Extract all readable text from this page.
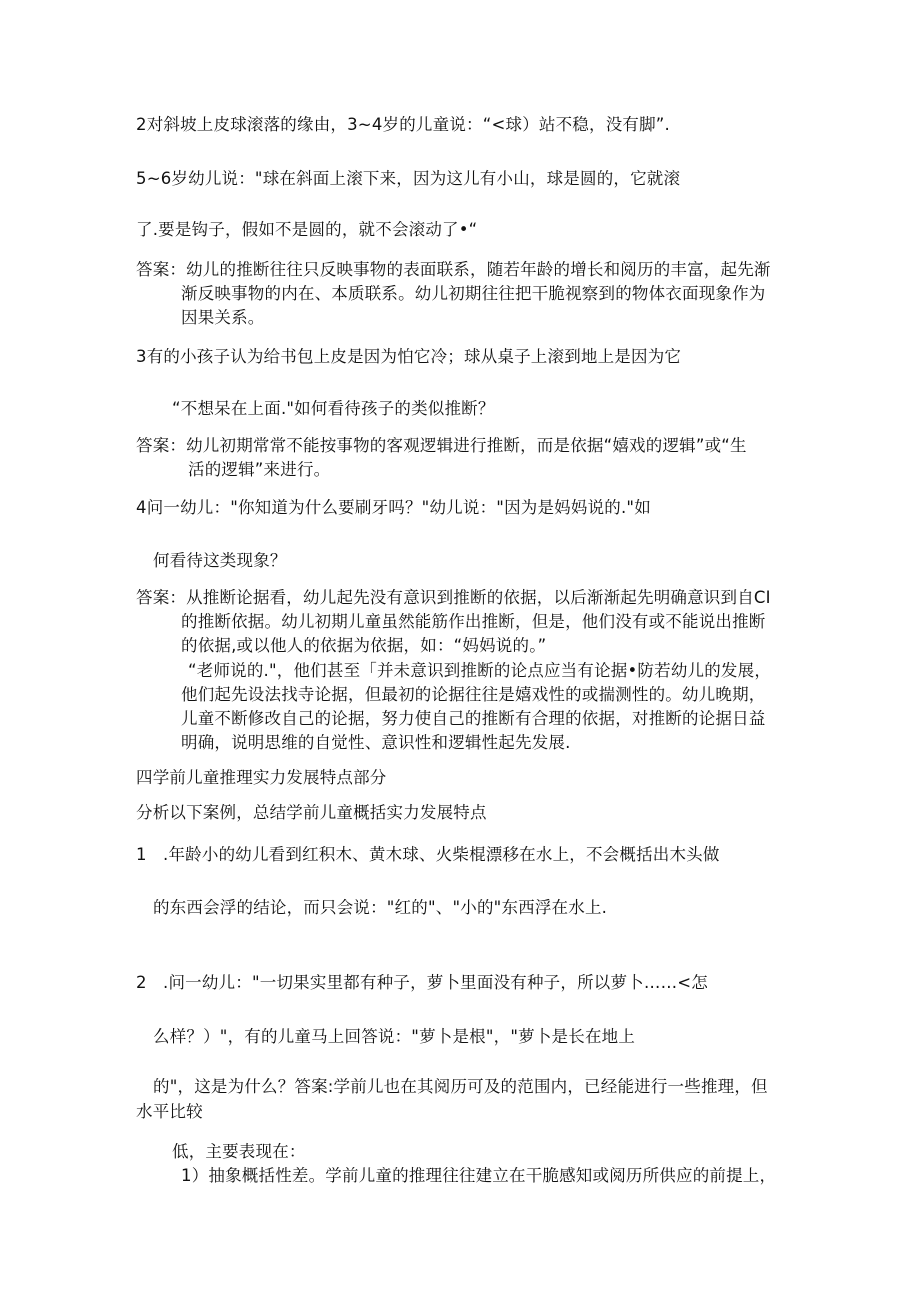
2对斜坡上皮球滚落的缘由，3~4岁的儿童说：“<球）站不稳，没有脚”.
5~6岁幼儿说："球在斜面上滚下来，因为这儿有小山，球是圆的，它就滚
了.要是钩子，假如不是圆的，就不会滚动了•“
答案：幼儿的推断往往只反映事物的表面联系，随若年龄的增长和阅历的丰富，起先渐
渐反映事物的内在、本质联系。幼儿初期往往把干脆视察到的物体衣面现象作为
因果关系。
3有的小孩子认为给书包上皮是因为怕它冷；球从桌子上滚到地上是因为它
“不想呆在上面."如何看待孩子的类似推断？
答案：幼儿初期常常不能按事物的客观逻辑进行推断，而是依据“嬉戏的逻辑”或“生
活的逻辑”来进行。
4问一幼儿："你知道为什么要刷牙吗？"幼儿说："因为是妈妈说的."如
何看待这类现象？
答案：从推断论据看，幼儿起先没有意识到推断的依据，以后渐渐起先明确意识到自CI
的推断依据。幼儿初期儿童虽然能筋作出推断，但是，他们没有或不能说出推断
的依据,或以他人的依据为依据，如：“妈妈说的。”
“老师说的."，他们甚至「并未意识到推断的论点应当有论据•防若幼儿的发展，
他们起先设法找寺论据，但最初的论据往往是嬉戏性的或揣测性的。幼儿晚期，
儿童不断修改自己的论据，努力使自己的推断有合理的依据，对推断的论据日益
明确，说明思维的自觉性、意识性和逻辑性起先发展.
四学前儿童推理实力发展特点部分
分析以下案例，总结学前儿童概括实力发展特点
1   .年龄小的幼儿看到红积木、黄木球、火柴棍漂移在水上，不会概括出木头做
的东西会浮的结论，而只会说："红的"、"小的"东西浮在水上.
2   .问一幼儿："一切果实里都有种子，萝卜里面没有种子，所以萝卜……<怎
么样？）"，有的儿童马上回答说："萝卜是根"，"萝卜是长在地上
的"，这是为什么？答案:学前儿也在其阅历可及的范围内，已经能进行一些推理，但
水平比较
低，主要表现在：
1）抽象概括性差。学前儿童的推理往往建立在干脆感知或阅历所供应的前提上，
